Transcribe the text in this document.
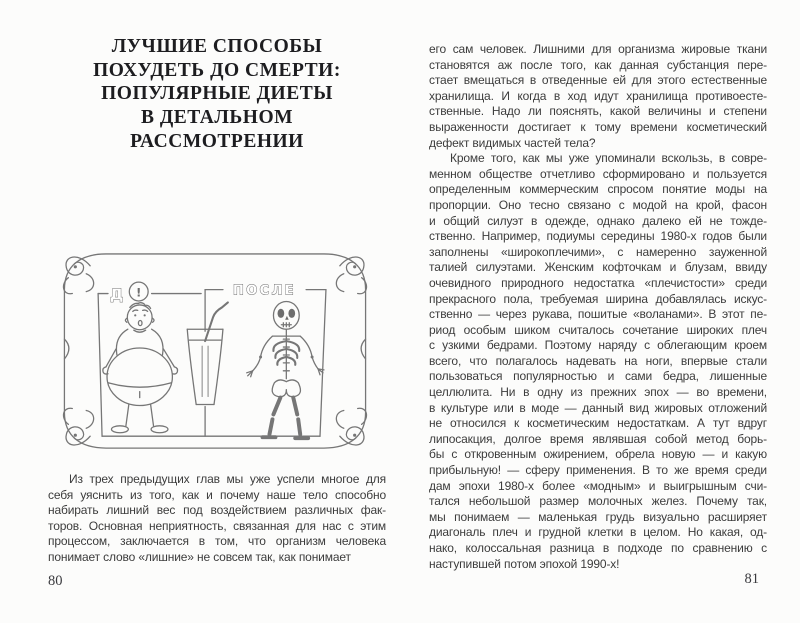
ЛУЧШИЕ СПОСОБЫ
ПОХУДЕТЬ ДО СМЕРТИ:
ПОПУЛЯРНЫЕ ДИЕТЫ
В ДЕТАЛЬНОМ
РАССМОТРЕНИИ
Д !	ПОСЛЕ
Из трех предыдущих глав мы уже успели многое для
себя уяснить из того, как и почему наше тело способно
набирать лишний вес под воздействием различных фак-
торов. Основная неприятность, связанная для нас с этим
процессом, заключается в том, что организм человека
понимает слово «лишние» не совсем так, как понимает
80
его сам человек. Лишними для организма жировые ткани
становятся аж после того, как данная субстанция пере-
стает вмещаться в отведенные ей для этого естественные
хранилища. И когда в ход идут хранилища противоесте-
ственные. Надо ли пояснять, какой величины и степени
выраженности достигает к тому времени косметический
дефект видимых частей тела?
Кроме того, как мы уже упоминали вскользь, в совре-
менном обществе отчетливо сформировано и пользуется
определенным коммерческим спросом понятие моды на
пропорции. Оно тесно связано с модой на крой, фасон
и общий силуэт в одежде, однако далеко ей не тожде-
ственно. Например, подиумы середины 1980-х годов были
заполнены «широкоплечими», с намеренно зауженной
талией силуэтами. Женским кофточкам и блузам, ввиду
очевидного природного недостатка «плечистости» среди
прекрасного пола, требуемая ширина добавлялась искус-
ственно — через рукава, пошитые «воланами». В этот пе-
риод особым шиком считалось сочетание широких плеч
с узкими бедрами. Поэтому наряду с облегающим кроем
всего, что полагалось надевать на ноги, впервые стали
пользоваться популярностью и сами бедра, лишенные
целлюлита. Ни в одну из прежних эпох — во времени,
в культуре или в моде — данный вид жировых отложений
не относился к косметическим недостаткам. А тут вдруг
липосакция, долгое время являвшая собой метод борь-
бы с откровенным ожирением, обрела новую — и какую
прибыльную! — сферу применения. В то же время среди
дам эпохи 1980-х более «модным» и выигрышным счи-
тался небольшой размер молочных желез. Почему так,
мы понимаем — маленькая грудь визуально расширяет
диагональ плеч и грудной клетки в целом. Но какая, од-
нако, колоссальная разница в подходе по сравнению с
наступившей потом эпохой 1990-х!
81
